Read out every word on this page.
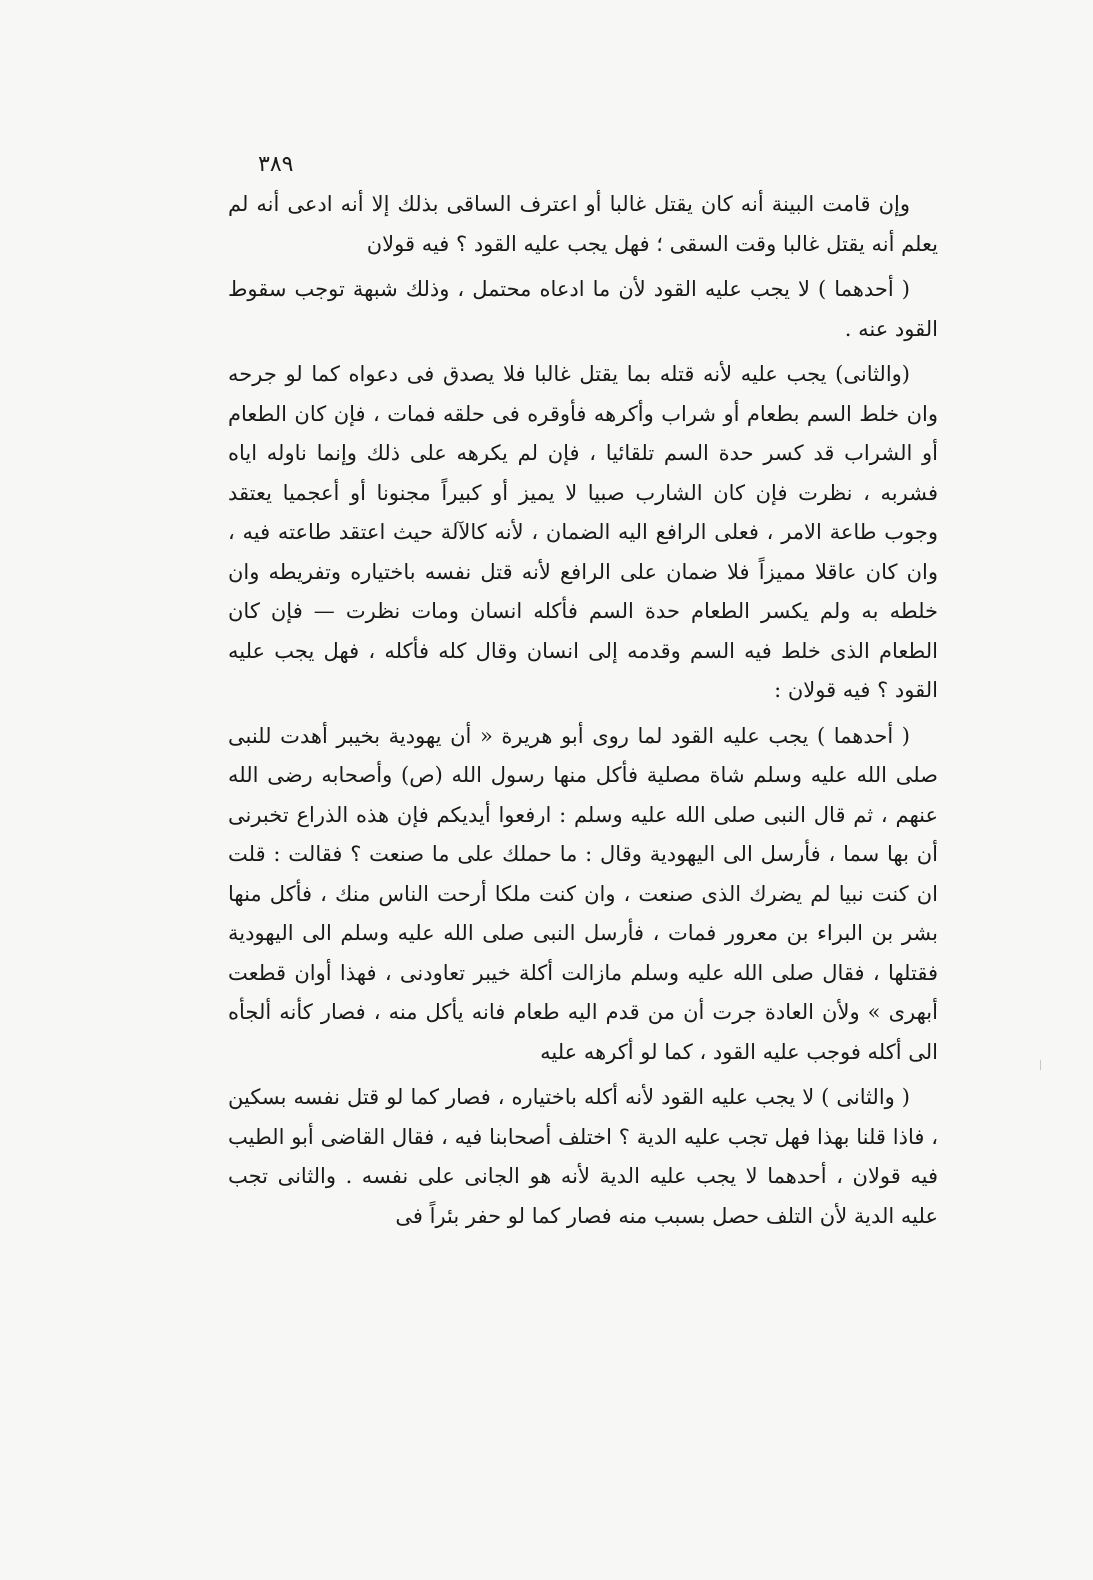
٣٨٩

وإن قامت البينة أنه كان يقتل غالبا أو اعترف الساقى بذلك إلا أنه ادعى أنه لم يعلم أنه يقتل غالبا وقت السقى ؛ فهل يجب عليه القود ؟ فيه قولان

( أحدهما ) لا يجب عليه القود لأن ما ادعاه محتمل ، وذلك شبهة توجب سقوط القود عنه .

(والثانى) يجب عليه لأنه قتله بما يقتل غالبا فلا يصدق فى دعواه كما لو جرحه وان خلط السم بطعام أو شراب وأكرهه فأوقره فى حلقه فمات ، فإن كان الطعام أو الشراب قد كسر حدة السم تلقائيا ، فإن لم يكرهه على ذلك وإنما ناوله اياه فشربه ، نظرت فإن كان الشارب صبيا لا يميز أو كبيراً مجنونا أو أعجميا يعتقد وجوب طاعة الامر ، فعلى الرافع اليه الضمان ، لأنه كالآلة حيث اعتقد طاعته فيه ، وان كان عاقلا مميزاً فلا ضمان على الرافع لأنه قتل نفسه باختياره وتفريطه وان خلطه به ولم يكسر الطعام حدة السم فأكله انسان ومات نظرت — فإن كان الطعام الذى خلط فيه السم وقدمه إلى انسان وقال كله فأكله ، فهل يجب عليه القود ؟ فيه قولان :

( أحدهما ) يجب عليه القود لما روى أبو هريرة « أن يهودية بخيبر أهدت للنبى صلى الله عليه وسلم شاة مصلية فأكل منها رسول الله (ص) وأصحابه رضى الله عنهم ، ثم قال النبى صلى الله عليه وسلم : ارفعوا أيديكم فإن هذه الذراع تخبرنى أن بها سما ، فأرسل الى اليهودية وقال : ما حملك على ما صنعت ؟ فقالت : قلت ان كنت نبيا لم يضرك الذى صنعت ، وان كنت ملكا أرحت الناس منك ، فأكل منها بشر بن البراء بن معرور فمات ، فأرسل النبى صلى الله عليه وسلم الى اليهودية فقتلها ، فقال صلى الله عليه وسلم مازالت أكلة خيبر تعاودنى ، فهذا أوان قطعت أبهرى » ولأن العادة جرت أن من قدم اليه طعام فانه يأكل منه ، فصار كأنه ألجأه الى أكله فوجب عليه القود ، كما لو أكرهه عليه

( والثانى ) لا يجب عليه القود لأنه أكله باختياره ، فصار كما لو قتل نفسه بسكين ، فاذا قلنا بهذا فهل تجب عليه الدية ؟ اختلف أصحابنا فيه ، فقال القاضى أبو الطيب فيه قولان ، أحدهما لا يجب عليه الدية لأنه هو الجانى على نفسه . والثانى تجب عليه الدية لأن التلف حصل بسبب منه فصار كما لو حفر بئراً فى
